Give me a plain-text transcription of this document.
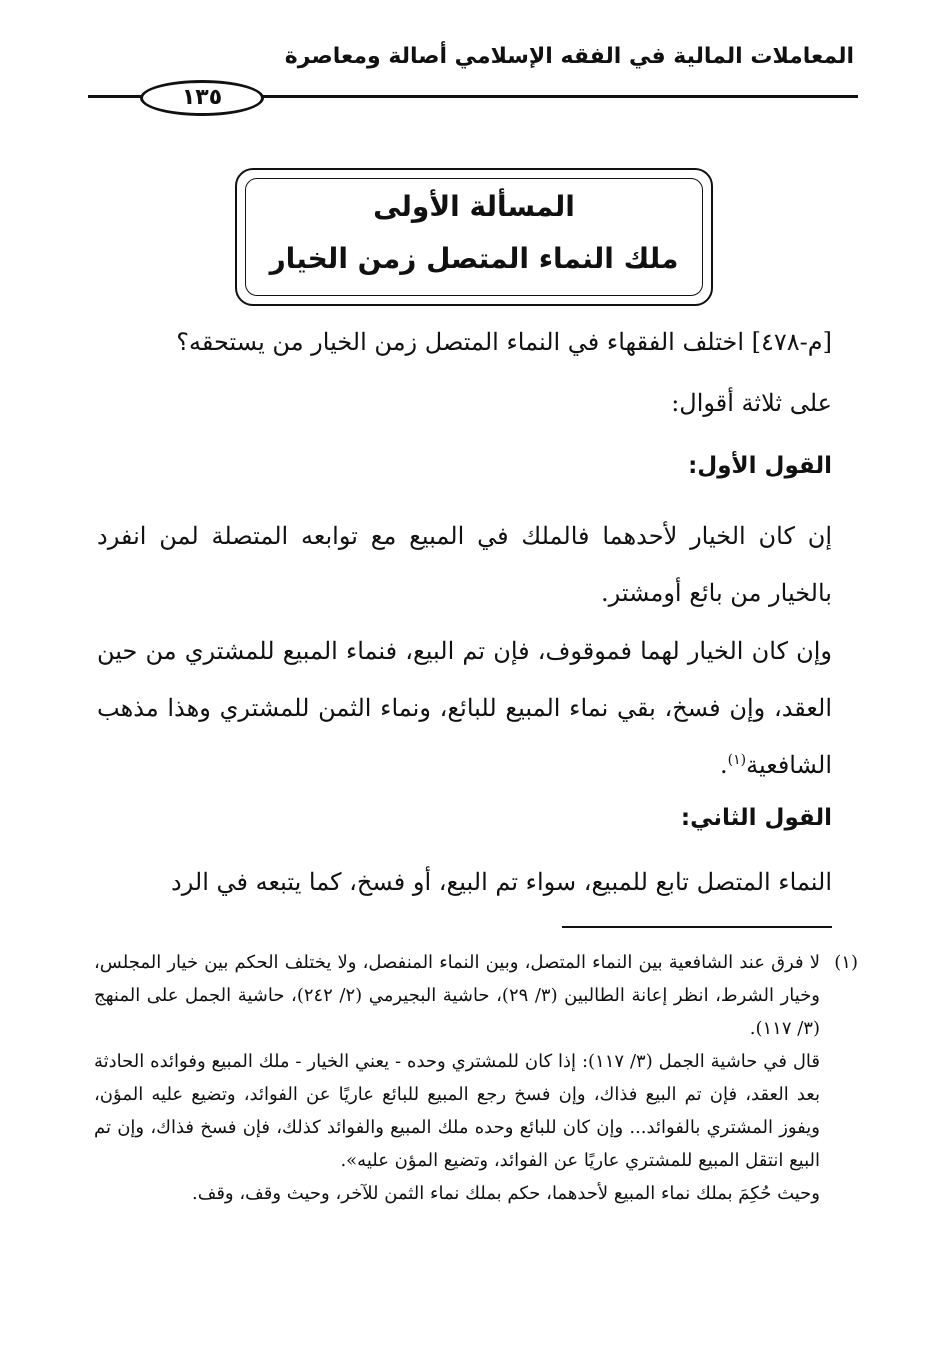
المعاملات المالية في الفقه الإسلامي أصالة ومعاصرة
١٣٥
المسألة الأولى
ملك النماء المتصل زمن الخيار
[م-٤٧٨] اختلف الفقهاء في النماء المتصل زمن الخيار من يستحقه؟
على ثلاثة أقوال:
القول الأول:
إن كان الخيار لأحدهما فالملك في المبيع مع توابعه المتصلة لمن انفرد بالخيار من بائع أومشتر.
وإن كان الخيار لهما فموقوف، فإن تم البيع، فنماء المبيع للمشتري من حين العقد، وإن فسخ، بقي نماء المبيع للبائع، ونماء الثمن للمشتري وهذا مذهب الشافعية$^{(١)}$.
القول الثاني:
النماء المتصل تابع للمبيع، سواء تم البيع، أو فسخ، كما يتبعه في الرد
(١)
لا فرق عند الشافعية بين النماء المتصل، وبين النماء المنفصل، ولا يختلف الحكم بين خيار المجلس، وخيار الشرط، انظر إعانة الطالبين (٣/ ٢٩)، حاشية البجيرمي (٢/ ٢٤٢)، حاشية الجمل على المنهج (٣/ ١١٧).

قال في حاشية الجمل (٣/ ١١٧): إذا كان للمشتري وحده - يعني الخيار - ملك المبيع وفوائده الحادثة بعد العقد، فإن تم البيع فذاك، وإن فسخ رجع المبيع للبائع عاريًا عن الفوائد، وتضيع عليه المؤن، ويفوز المشتري بالفوائد... وإن كان للبائع وحده ملك المبيع والفوائد كذلك، فإن فسخ فذاك، وإن تم البيع انتقل المبيع للمشتري عاريًا عن الفوائد، وتضيع المؤن عليه».

وحيث حُكِمَ بملك نماء المبيع لأحدهما، حكم بملك نماء الثمن للآخر، وحيث وقف، وقف.
